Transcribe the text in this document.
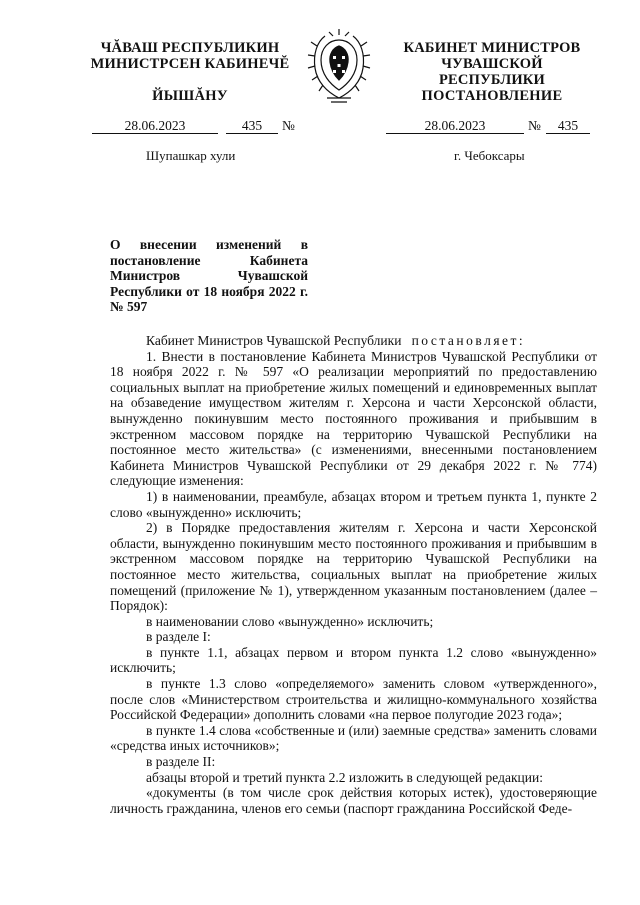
ЧĂВАШ РЕСПУБЛИКИН
МИНИСТРСЕН КАБИНЕЧĔ
ЙЫШĂНУ
КАБИНЕТ МИНИСТРОВ
ЧУВАШСКОЙ РЕСПУБЛИКИ
ПОСТАНОВЛЕНИЕ
28.06.2023	435	№	28.06.2023	№	435
Шупашкар хули	г. Чебоксары

О внесении изменений в постановление Кабинета Министров Чувашской Республики от 18 ноября 2022 г. № 597

Кабинет Министров Чувашской Республики постановляет:

1. Внести в постановление Кабинета Министров Чувашской Республики от 18 ноября 2022 г. № 597 «О реализации мероприятий по предоставлению социальных выплат на приобретение жилых помещений и единовременных выплат на обзаведение имуществом жителям г. Херсона и части Херсонской области, вынужденно покинувшим место постоянного проживания и прибывшим в экстренном массовом порядке на территорию Чувашской Республики на постоянное место жительства» (с изменениями, внесенными постановлением Кабинета Министров Чувашской Республики от 29 декабря 2022 г. № 774) следующие изменения:

1) в наименовании, преамбуле, абзацах втором и третьем пункта 1, пункте 2 слово «вынужденно» исключить;

2) в Порядке предоставления жителям г. Херсона и части Херсонской области, вынужденно покинувшим место постоянного проживания и прибывшим в экстренном массовом порядке на территорию Чувашской Республики на постоянное место жительства, социальных выплат на приобретение жилых помещений (приложение № 1), утвержденном указанным постановлением (далее – Порядок):

в наименовании слово «вынужденно» исключить;

в разделе I:

в пункте 1.1, абзацах первом и втором пункта 1.2 слово «вынужденно» исключить;

в пункте 1.3 слово «определяемого» заменить словом «утвержденного», после слов «Министерством строительства и жилищно-коммунального хозяйства Российской Федерации» дополнить словами «на первое полугодие 2023 года»;

в пункте 1.4 слова «собственные и (или) заемные средства» заменить словами «средства иных источников»;

в разделе II:

абзацы второй и третий пункта 2.2 изложить в следующей редакции:

«документы (в том числе срок действия которых истек), удостоверяющие личность гражданина, членов его семьи (паспорт гражданина Российской Феде-
